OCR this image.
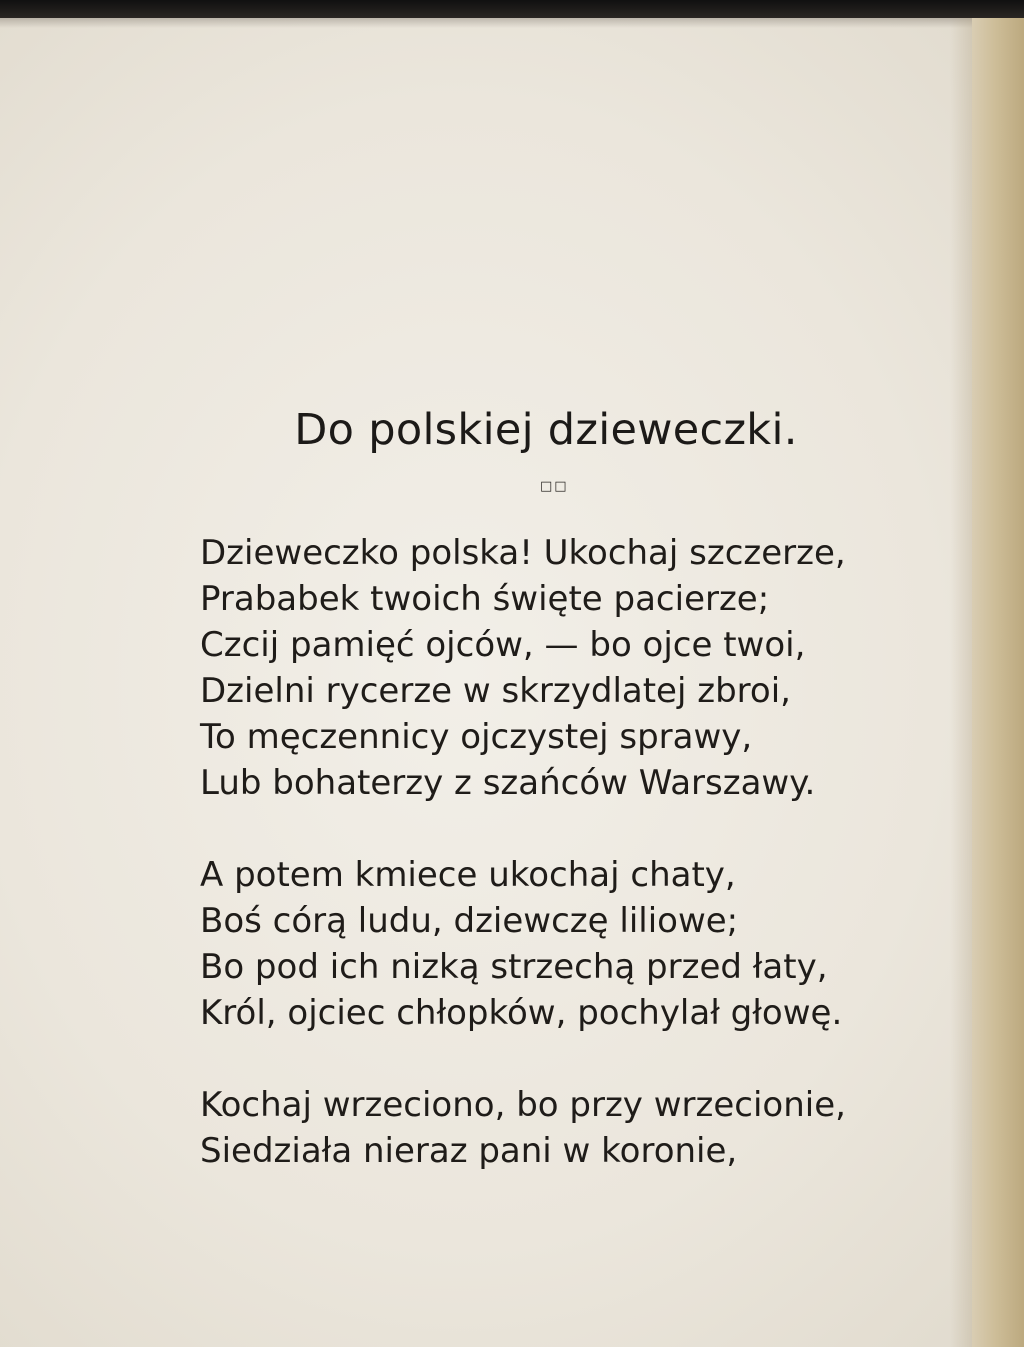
Do polskiej dzieweczki.
□□
Dzieweczko polska! Ukochaj szczerze,
Prababek twoich święte pacierze;
Czcij pamięć ojców, — bo ojce twoi,
Dzielni rycerze w skrzydlatej zbroi,
To męczennicy ojczystej sprawy,
Lub bohaterzy z szańców Warszawy.
A potem kmiece ukochaj chaty,
Boś córą ludu, dziewczę liliowe;
Bo pod ich nizką strzechą przed łaty,
Król, ojciec chłopków, pochylał głowę.
Kochaj wrzeciono, bo przy wrzecionie,
Siedziała nieraz pani w koronie,
